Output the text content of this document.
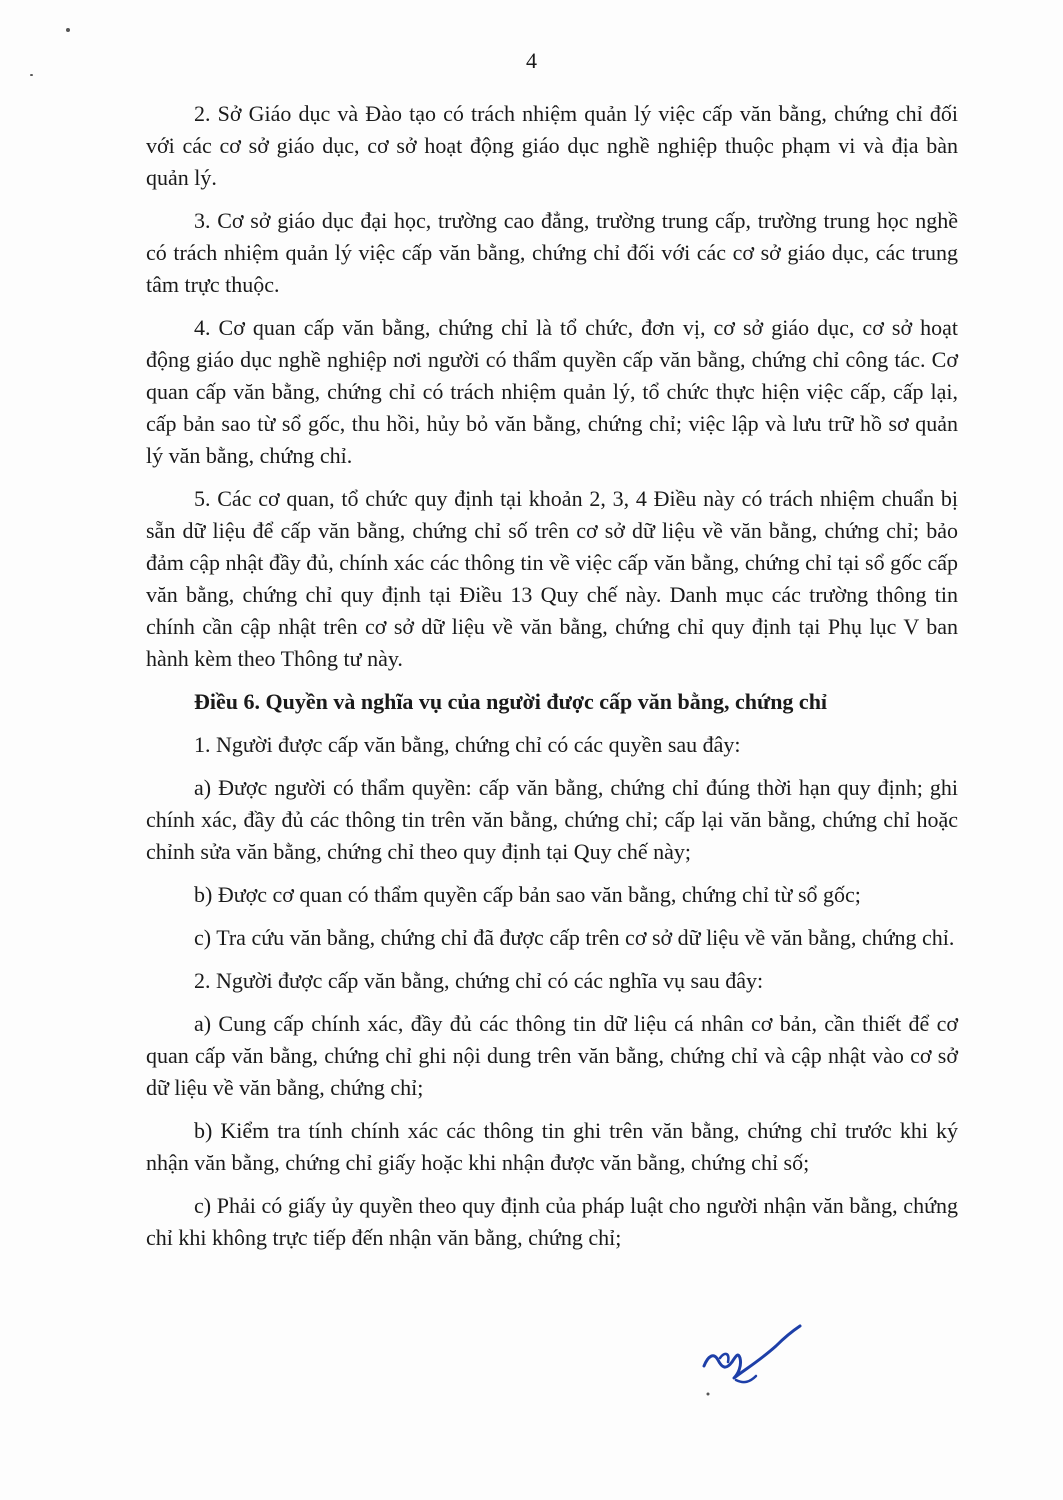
4

2. Sở Giáo dục và Đào tạo có trách nhiệm quản lý việc cấp văn bằng, chứng chỉ đối với các cơ sở giáo dục, cơ sở hoạt động giáo dục nghề nghiệp thuộc phạm vi và địa bàn quản lý.

3. Cơ sở giáo dục đại học, trường cao đẳng, trường trung cấp, trường trung học nghề có trách nhiệm quản lý việc cấp văn bằng, chứng chỉ đối với các cơ sở giáo dục, các trung tâm trực thuộc.

4. Cơ quan cấp văn bằng, chứng chỉ là tổ chức, đơn vị, cơ sở giáo dục, cơ sở hoạt động giáo dục nghề nghiệp nơi người có thẩm quyền cấp văn bằng, chứng chỉ công tác. Cơ quan cấp văn bằng, chứng chỉ có trách nhiệm quản lý, tổ chức thực hiện việc cấp, cấp lại, cấp bản sao từ sổ gốc, thu hồi, hủy bỏ văn bằng, chứng chỉ; việc lập và lưu trữ hồ sơ quản lý văn bằng, chứng chỉ.

5. Các cơ quan, tổ chức quy định tại khoản 2, 3, 4 Điều này có trách nhiệm chuẩn bị sẵn dữ liệu để cấp văn bằng, chứng chỉ số trên cơ sở dữ liệu về văn bằng, chứng chỉ; bảo đảm cập nhật đầy đủ, chính xác các thông tin về việc cấp văn bằng, chứng chỉ tại sổ gốc cấp văn bằng, chứng chỉ quy định tại Điều 13 Quy chế này. Danh mục các trường thông tin chính cần cập nhật trên cơ sở dữ liệu về văn bằng, chứng chỉ quy định tại Phụ lục V ban hành kèm theo Thông tư này.

Điều 6. Quyền và nghĩa vụ của người được cấp văn bằng, chứng chỉ

1. Người được cấp văn bằng, chứng chỉ có các quyền sau đây:

a) Được người có thẩm quyền: cấp văn bằng, chứng chỉ đúng thời hạn quy định; ghi chính xác, đầy đủ các thông tin trên văn bằng, chứng chỉ; cấp lại văn bằng, chứng chỉ hoặc chỉnh sửa văn bằng, chứng chỉ theo quy định tại Quy chế này;

b) Được cơ quan có thẩm quyền cấp bản sao văn bằng, chứng chỉ từ sổ gốc;

c) Tra cứu văn bằng, chứng chỉ đã được cấp trên cơ sở dữ liệu về văn bằng, chứng chỉ.

2. Người được cấp văn bằng, chứng chỉ có các nghĩa vụ sau đây:

a) Cung cấp chính xác, đầy đủ các thông tin dữ liệu cá nhân cơ bản, cần thiết để cơ quan cấp văn bằng, chứng chỉ ghi nội dung trên văn bằng, chứng chỉ và cập nhật vào cơ sở dữ liệu về văn bằng, chứng chỉ;

b) Kiểm tra tính chính xác các thông tin ghi trên văn bằng, chứng chỉ trước khi ký nhận văn bằng, chứng chỉ giấy hoặc khi nhận được văn bằng, chứng chỉ số;

c) Phải có giấy ủy quyền theo quy định của pháp luật cho người nhận văn bằng, chứng chỉ khi không trực tiếp đến nhận văn bằng, chứng chỉ;
